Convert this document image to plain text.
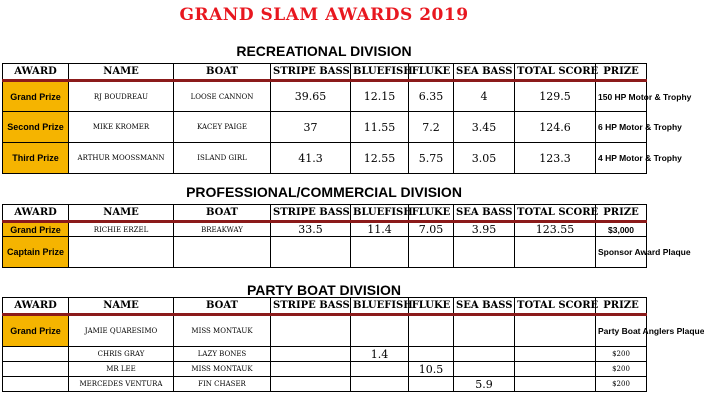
GRAND SLAM AWARDS 2019
RECREATIONAL DIVISION
AWARD	NAME	BOAT	STRIPE BASS	BLUEFISH	FLUKE	SEA BASS	TOTAL SCORE	PRIZE
Grand Prize	RJ BOUDREAU	LOOSE CANNON	39.65	12.15	6.35	4	129.5	150 HP Motor & Trophy
Second Prize	MIKE KROMER	KACEY PAIGE	37	11.55	7.2	3.45	124.6	6 HP Motor & Trophy
Third Prize	ARTHUR MOOSSMANN	ISLAND GIRL	41.3	12.55	5.75	3.05	123.3	4 HP Motor & Trophy
PROFESSIONAL/COMMERCIAL DIVISION
AWARD	NAME	BOAT	STRIPE BASS	BLUEFISH	FLUKE	SEA BASS	TOTAL SCORE	PRIZE
Grand Prize	RICHIE ERZEL	BREAKWAY	33.5	11.4	7.05	3.95	123.55	$3,000
Captain Prize								Sponsor Award Plaque
PARTY BOAT DIVISION
AWARD	NAME	BOAT	STRIPE BASS	BLUEFISH	FLUKE	SEA BASS	TOTAL SCORE	PRIZE
Grand Prize	JAMIE QUARESIMO	MISS MONTAUK						Party Boat Anglers Plaque
	CHRIS GRAY	LAZY BONES		1.4				$200
	MR LEE	MISS MONTAUK			10.5			$200
	MERCEDES VENTURA	FIN CHASER				5.9		$200
